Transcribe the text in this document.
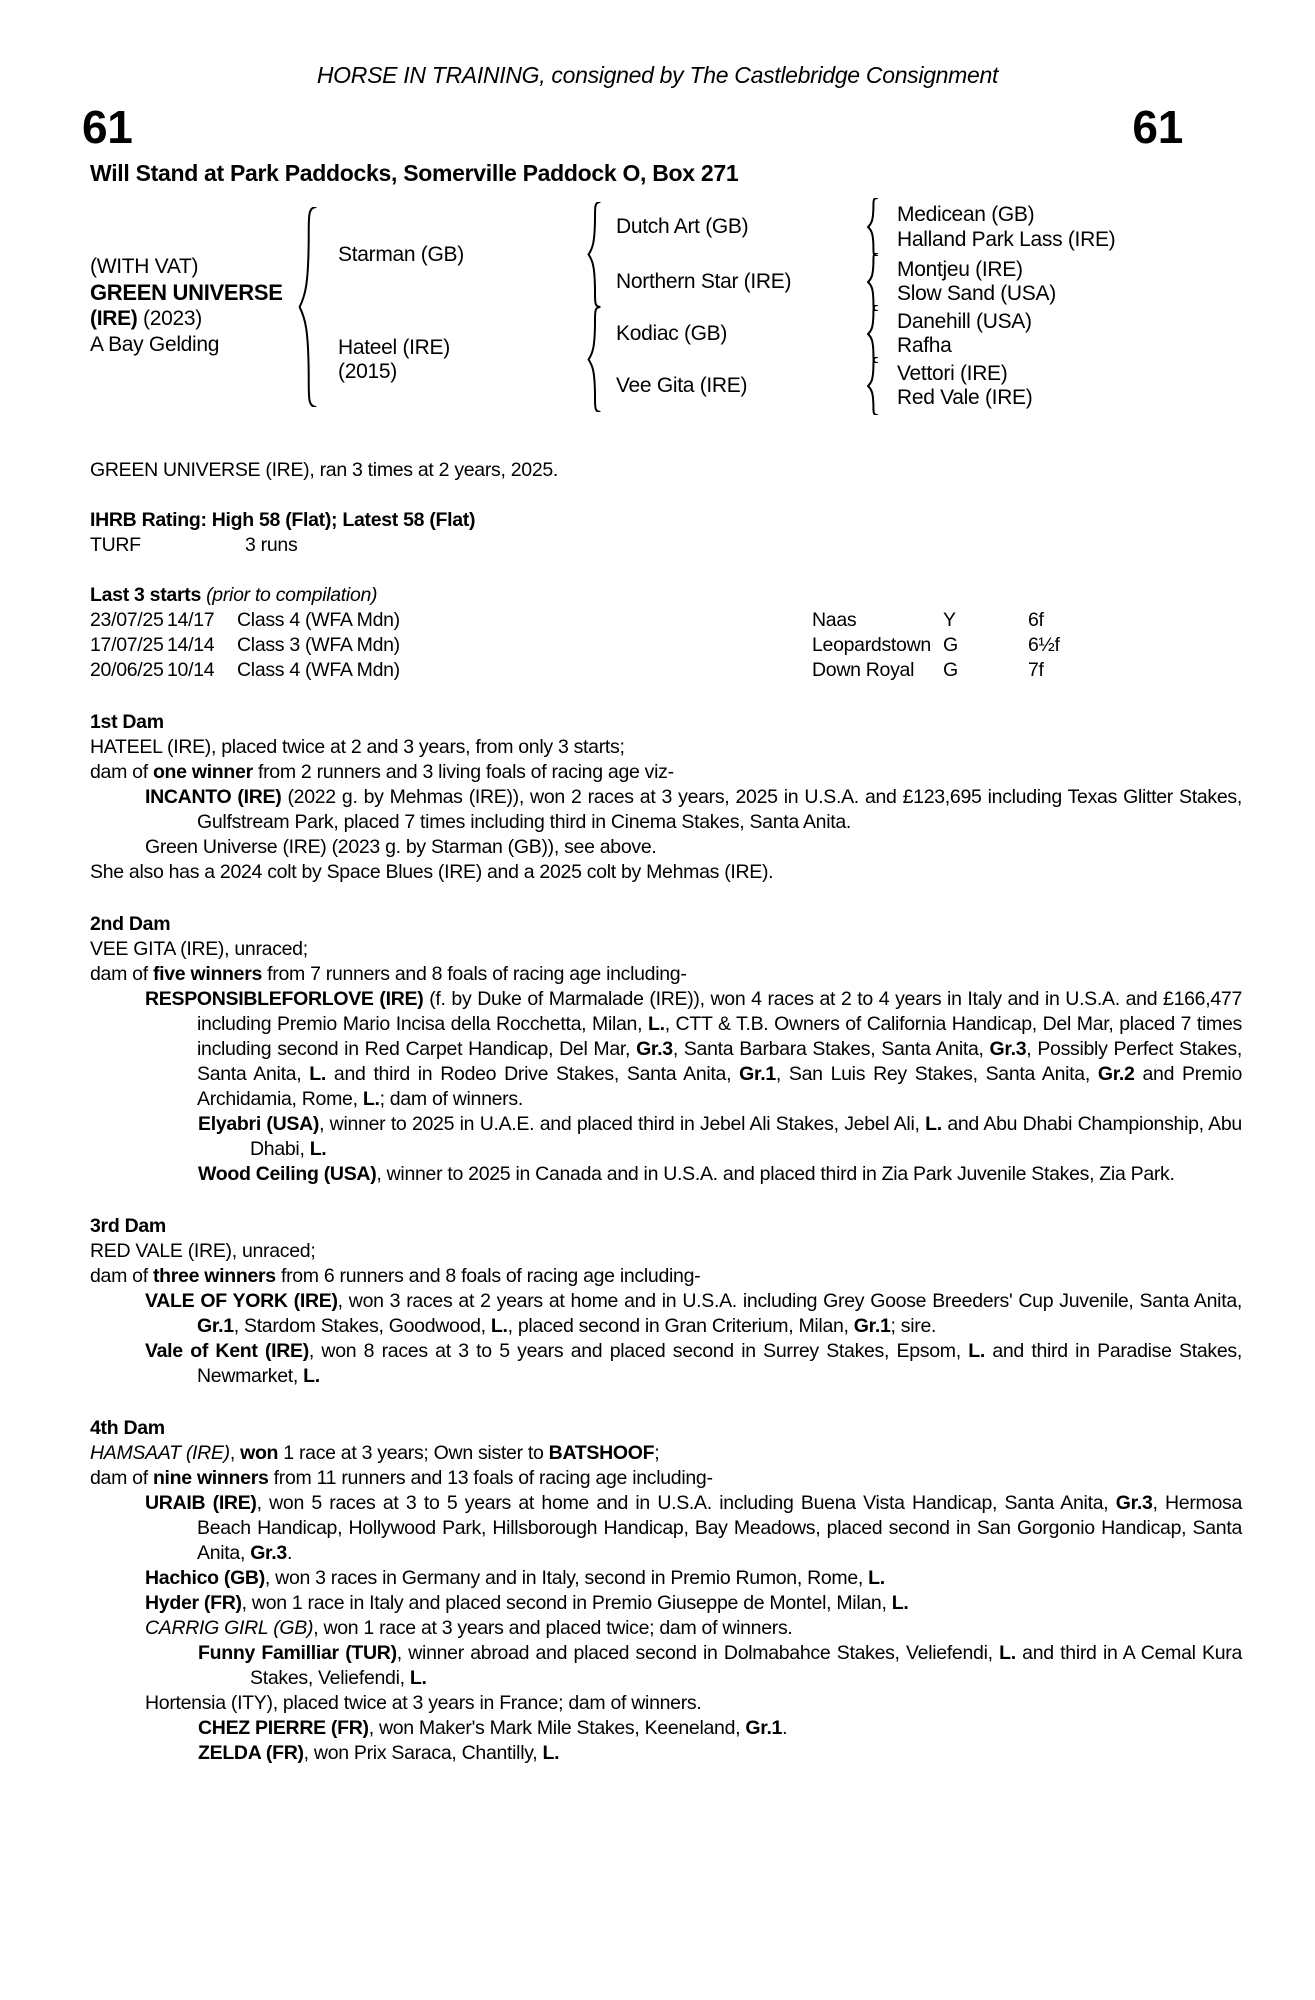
HORSE IN TRAINING, consigned by The Castlebridge Consignment
61	61
Will Stand at Park Paddocks, Somerville Paddock O, Box 271
(WITH VAT)
GREEN UNIVERSE
(IRE) (2023)
A Bay Gelding
Starman (GB)
Hateel (IRE)
(2015)
Dutch Art (GB)
Northern Star (IRE)
Kodiac (GB)
Vee Gita (IRE)
Medicean (GB)
Halland Park Lass (IRE)
Montjeu (IRE)
Slow Sand (USA)
Danehill (USA)
Rafha
Vettori (IRE)
Red Vale (IRE)
GREEN UNIVERSE (IRE), ran 3 times at 2 years, 2025.
IHRB Rating: High 58 (Flat); Latest 58 (Flat)
TURF	3 runs
Last 3 starts (prior to compilation)
23/07/25 14/17	Class 4 (WFA Mdn)	Naas	Y	6f
17/07/25 14/14	Class 3 (WFA Mdn)	Leopardstown G	6½f
20/06/25 10/14	Class 4 (WFA Mdn)	Down Royal	G	7f
1st Dam
HATEEL (IRE), placed twice at 2 and 3 years, from only 3 starts;
dam of one winner from 2 runners and 3 living foals of racing age viz-
INCANTO (IRE) (2022 g. by Mehmas (IRE)), won 2 races at 3 years, 2025 in U.S.A. and £123,695 including Texas Glitter Stakes, Gulfstream Park, placed 7 times including third in Cinema Stakes, Santa Anita.
Green Universe (IRE) (2023 g. by Starman (GB)), see above.
She also has a 2024 colt by Space Blues (IRE) and a 2025 colt by Mehmas (IRE).
2nd Dam
VEE GITA (IRE), unraced;
dam of five winners from 7 runners and 8 foals of racing age including-
RESPONSIBLEFORLOVE (IRE) (f. by Duke of Marmalade (IRE)), won 4 races at 2 to 4 years in Italy and in U.S.A. and £166,477 including Premio Mario Incisa della Rocchetta, Milan, L., CTT & T.B. Owners of California Handicap, Del Mar, placed 7 times including second in Red Carpet Handicap, Del Mar, Gr.3, Santa Barbara Stakes, Santa Anita, Gr.3, Possibly Perfect Stakes, Santa Anita, L. and third in Rodeo Drive Stakes, Santa Anita, Gr.1, San Luis Rey Stakes, Santa Anita, Gr.2 and Premio Archidamia, Rome, L.; dam of winners.
Elyabri (USA), winner to 2025 in U.A.E. and placed third in Jebel Ali Stakes, Jebel Ali, L. and Abu Dhabi Championship, Abu Dhabi, L.
Wood Ceiling (USA), winner to 2025 in Canada and in U.S.A. and placed third in Zia Park Juvenile Stakes, Zia Park.
3rd Dam
RED VALE (IRE), unraced;
dam of three winners from 6 runners and 8 foals of racing age including-
VALE OF YORK (IRE), won 3 races at 2 years at home and in U.S.A. including Grey Goose Breeders' Cup Juvenile, Santa Anita, Gr.1, Stardom Stakes, Goodwood, L., placed second in Gran Criterium, Milan, Gr.1; sire.
Vale of Kent (IRE), won 8 races at 3 to 5 years and placed second in Surrey Stakes, Epsom, L. and third in Paradise Stakes, Newmarket, L.
4th Dam
HAMSAAT (IRE), won 1 race at 3 years; Own sister to BATSHOOF;
dam of nine winners from 11 runners and 13 foals of racing age including-
URAIB (IRE), won 5 races at 3 to 5 years at home and in U.S.A. including Buena Vista Handicap, Santa Anita, Gr.3, Hermosa Beach Handicap, Hollywood Park, Hillsborough Handicap, Bay Meadows, placed second in San Gorgonio Handicap, Santa Anita, Gr.3.
Hachico (GB), won 3 races in Germany and in Italy, second in Premio Rumon, Rome, L.
Hyder (FR), won 1 race in Italy and placed second in Premio Giuseppe de Montel, Milan, L.
CARRIG GIRL (GB), won 1 race at 3 years and placed twice; dam of winners.
Funny Familliar (TUR), winner abroad and placed second in Dolmabahce Stakes, Veliefendi, L. and third in A Cemal Kura Stakes, Veliefendi, L.
Hortensia (ITY), placed twice at 3 years in France; dam of winners.
CHEZ PIERRE (FR), won Maker's Mark Mile Stakes, Keeneland, Gr.1.
ZELDA (FR), won Prix Saraca, Chantilly, L.
